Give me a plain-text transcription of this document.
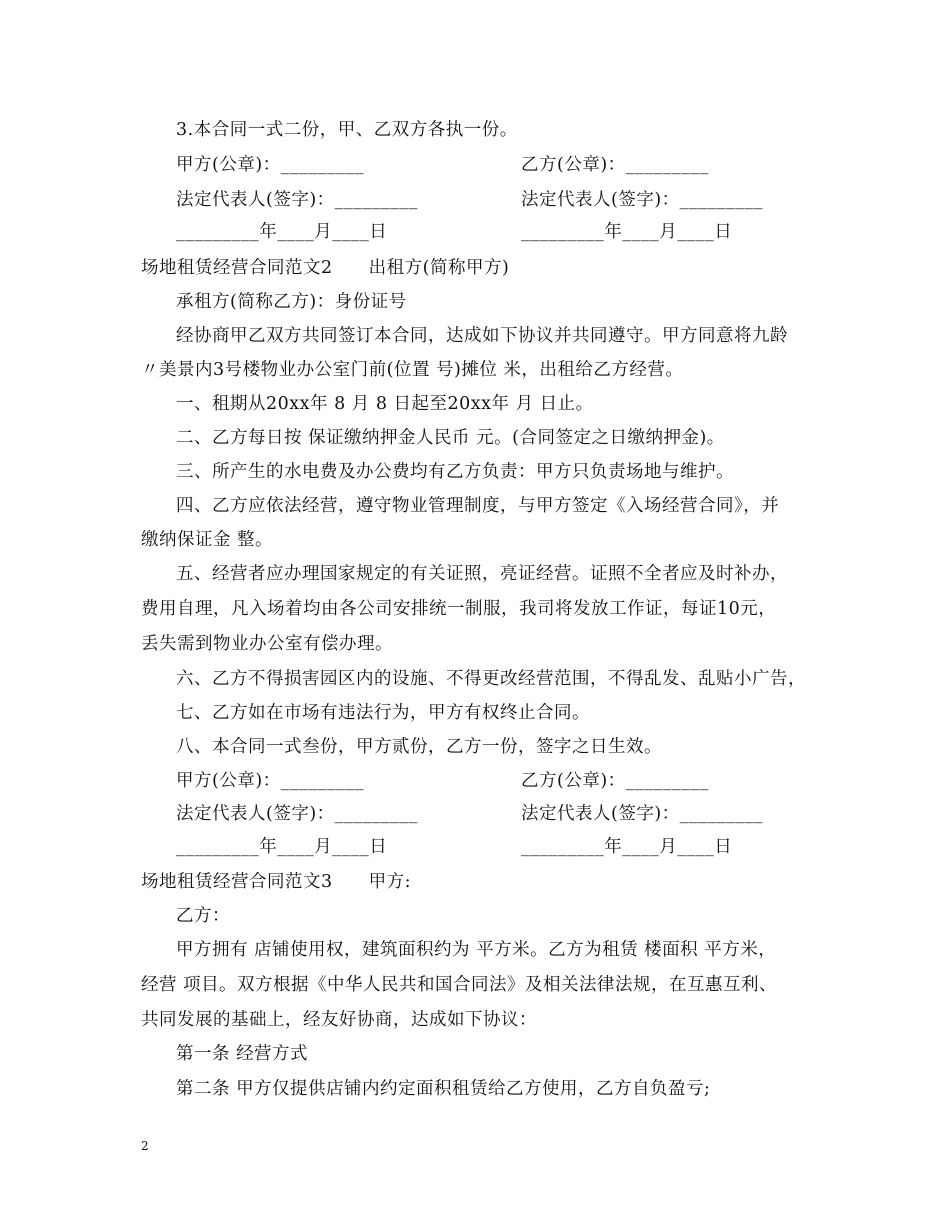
3.本合同一式二份，甲、乙双方各执一份。
甲方(公章)：_________	乙方(公章)：_________
法定代表人(签字)：_________	法定代表人(签字)：_________
_________年____月____日	_________年____月____日
场地租赁经营合同范文2　　出租方(简称甲方)
承租方(简称乙方)：身份证号
经协商甲乙双方共同签订本合同，达成如下协议并共同遵守。甲方同意将九龄
〃美景内3号楼物业办公室门前(位置 号)摊位 米，出租给乙方经营。
一、租期从20xx年 8 月 8 日起至20xx年 月 日止。
二、乙方每日按 保证缴纳押金人民币 元。(合同签定之日缴纳押金)。
三、所产生的水电费及办公费均有乙方负责：甲方只负责场地与维护。
四、乙方应依法经营，遵守物业管理制度，与甲方签定《入场经营合同》，并
缴纳保证金 整。
五、经营者应办理国家规定的有关证照，亮证经营。证照不全者应及时补办，
费用自理，凡入场着均由各公司安排统一制服，我司将发放工作证，每证10元，
丢失需到物业办公室有偿办理。
六、乙方不得损害园区内的设施、不得更改经营范围，不得乱发、乱贴小广告，
七、乙方如在市场有违法行为，甲方有权终止合同。
八、本合同一式叁份，甲方贰份，乙方一份，签字之日生效。
甲方(公章)：_________	乙方(公章)：_________
法定代表人(签字)：_________	法定代表人(签字)：_________
_________年____月____日	_________年____月____日
场地租赁经营合同范文3　　甲方:
乙方：
甲方拥有 店铺使用权，建筑面积约为 平方米。乙方为租赁 楼面积 平方米，
经营 项目。双方根据《中华人民共和国合同法》及相关法律法规，在互惠互利、
共同发展的基础上，经友好协商，达成如下协议：
第一条 经营方式
第二条 甲方仅提供店铺内约定面积租赁给乙方使用，乙方自负盈亏;
2
